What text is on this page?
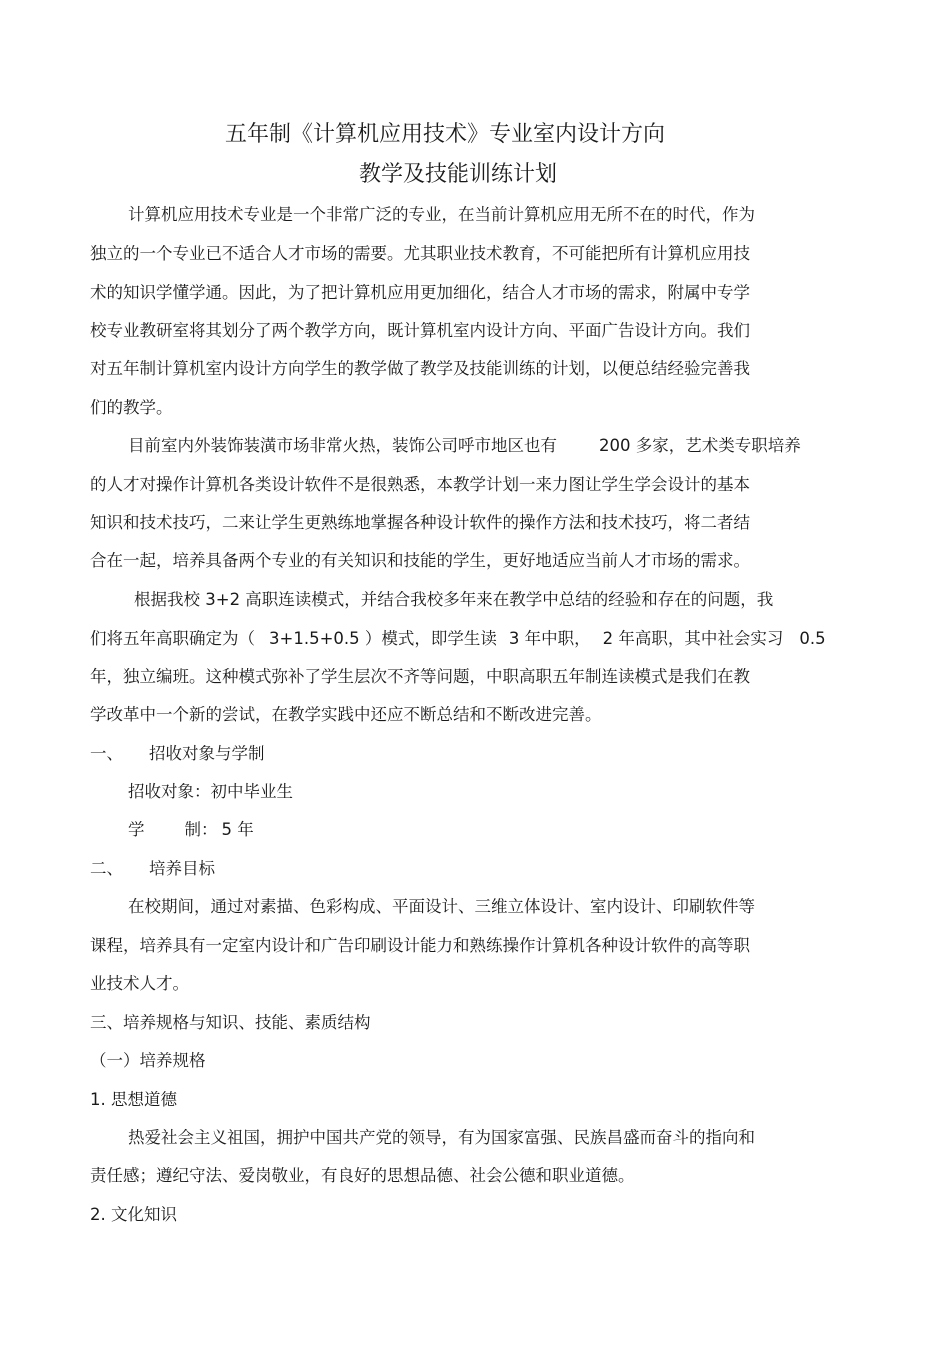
五年制《计算机应用技术》专业室内设计方向
教学及技能训练计划
计算机应用技术专业是一个非常广泛的专业，在当前计算机应用无所不在的时代，作为
独立的一个专业已不适合人才市场的需要。尤其职业技术教育，不可能把所有计算机应用技
术的知识学懂学通。因此，为了把计算机应用更加细化，结合人才市场的需求，附属中专学
校专业教研室将其划分了两个教学方向，既计算机室内设计方向、平面广告设计方向。我们
对五年制计算机室内设计方向学生的教学做了教学及技能训练的计划，以便总结经验完善我
们的教学。
目前室内外装饰装潢市场非常火热，装饰公司呼市地区也有	200 多家，艺术类专职培养
的人才对操作计算机各类设计软件不是很熟悉，本教学计划一来力图让学生学会设计的基本
知识和技术技巧，二来让学生更熟练地掌握各种设计软件的操作方法和技术技巧，将二者结
合在一起，培养具备两个专业的有关知识和技能的学生，更好地适应当前人才市场的需求。
根据我校 3+2 高职连读模式，并结合我校多年来在教学中总结的经验和存在的问题，我
们将五年高职确定为（ 3+1.5+0.5 ）模式，即学生读 3 年中职， 2 年高职，其中社会实习 0.5
年，独立编班。这种模式弥补了学生层次不齐等问题，中职高职五年制连读模式是我们在教
学改革中一个新的尝试，在教学实践中还应不断总结和不断改进完善。
一、 招收对象与学制
招收对象：初中毕业生
学 制： 5 年
二、 培养目标
在校期间，通过对素描、色彩构成、平面设计、三维立体设计、室内设计、印刷软件等
课程，培养具有一定室内设计和广告印刷设计能力和熟练操作计算机各种设计软件的高等职
业技术人才。
三、培养规格与知识、技能、素质结构
（一）培养规格
1. 思想道德
热爱社会主义祖国，拥护中国共产党的领导，有为国家富强、民族昌盛而奋斗的指向和
责任感；遵纪守法、爱岗敬业，有良好的思想品德、社会公德和职业道德。
2. 文化知识
